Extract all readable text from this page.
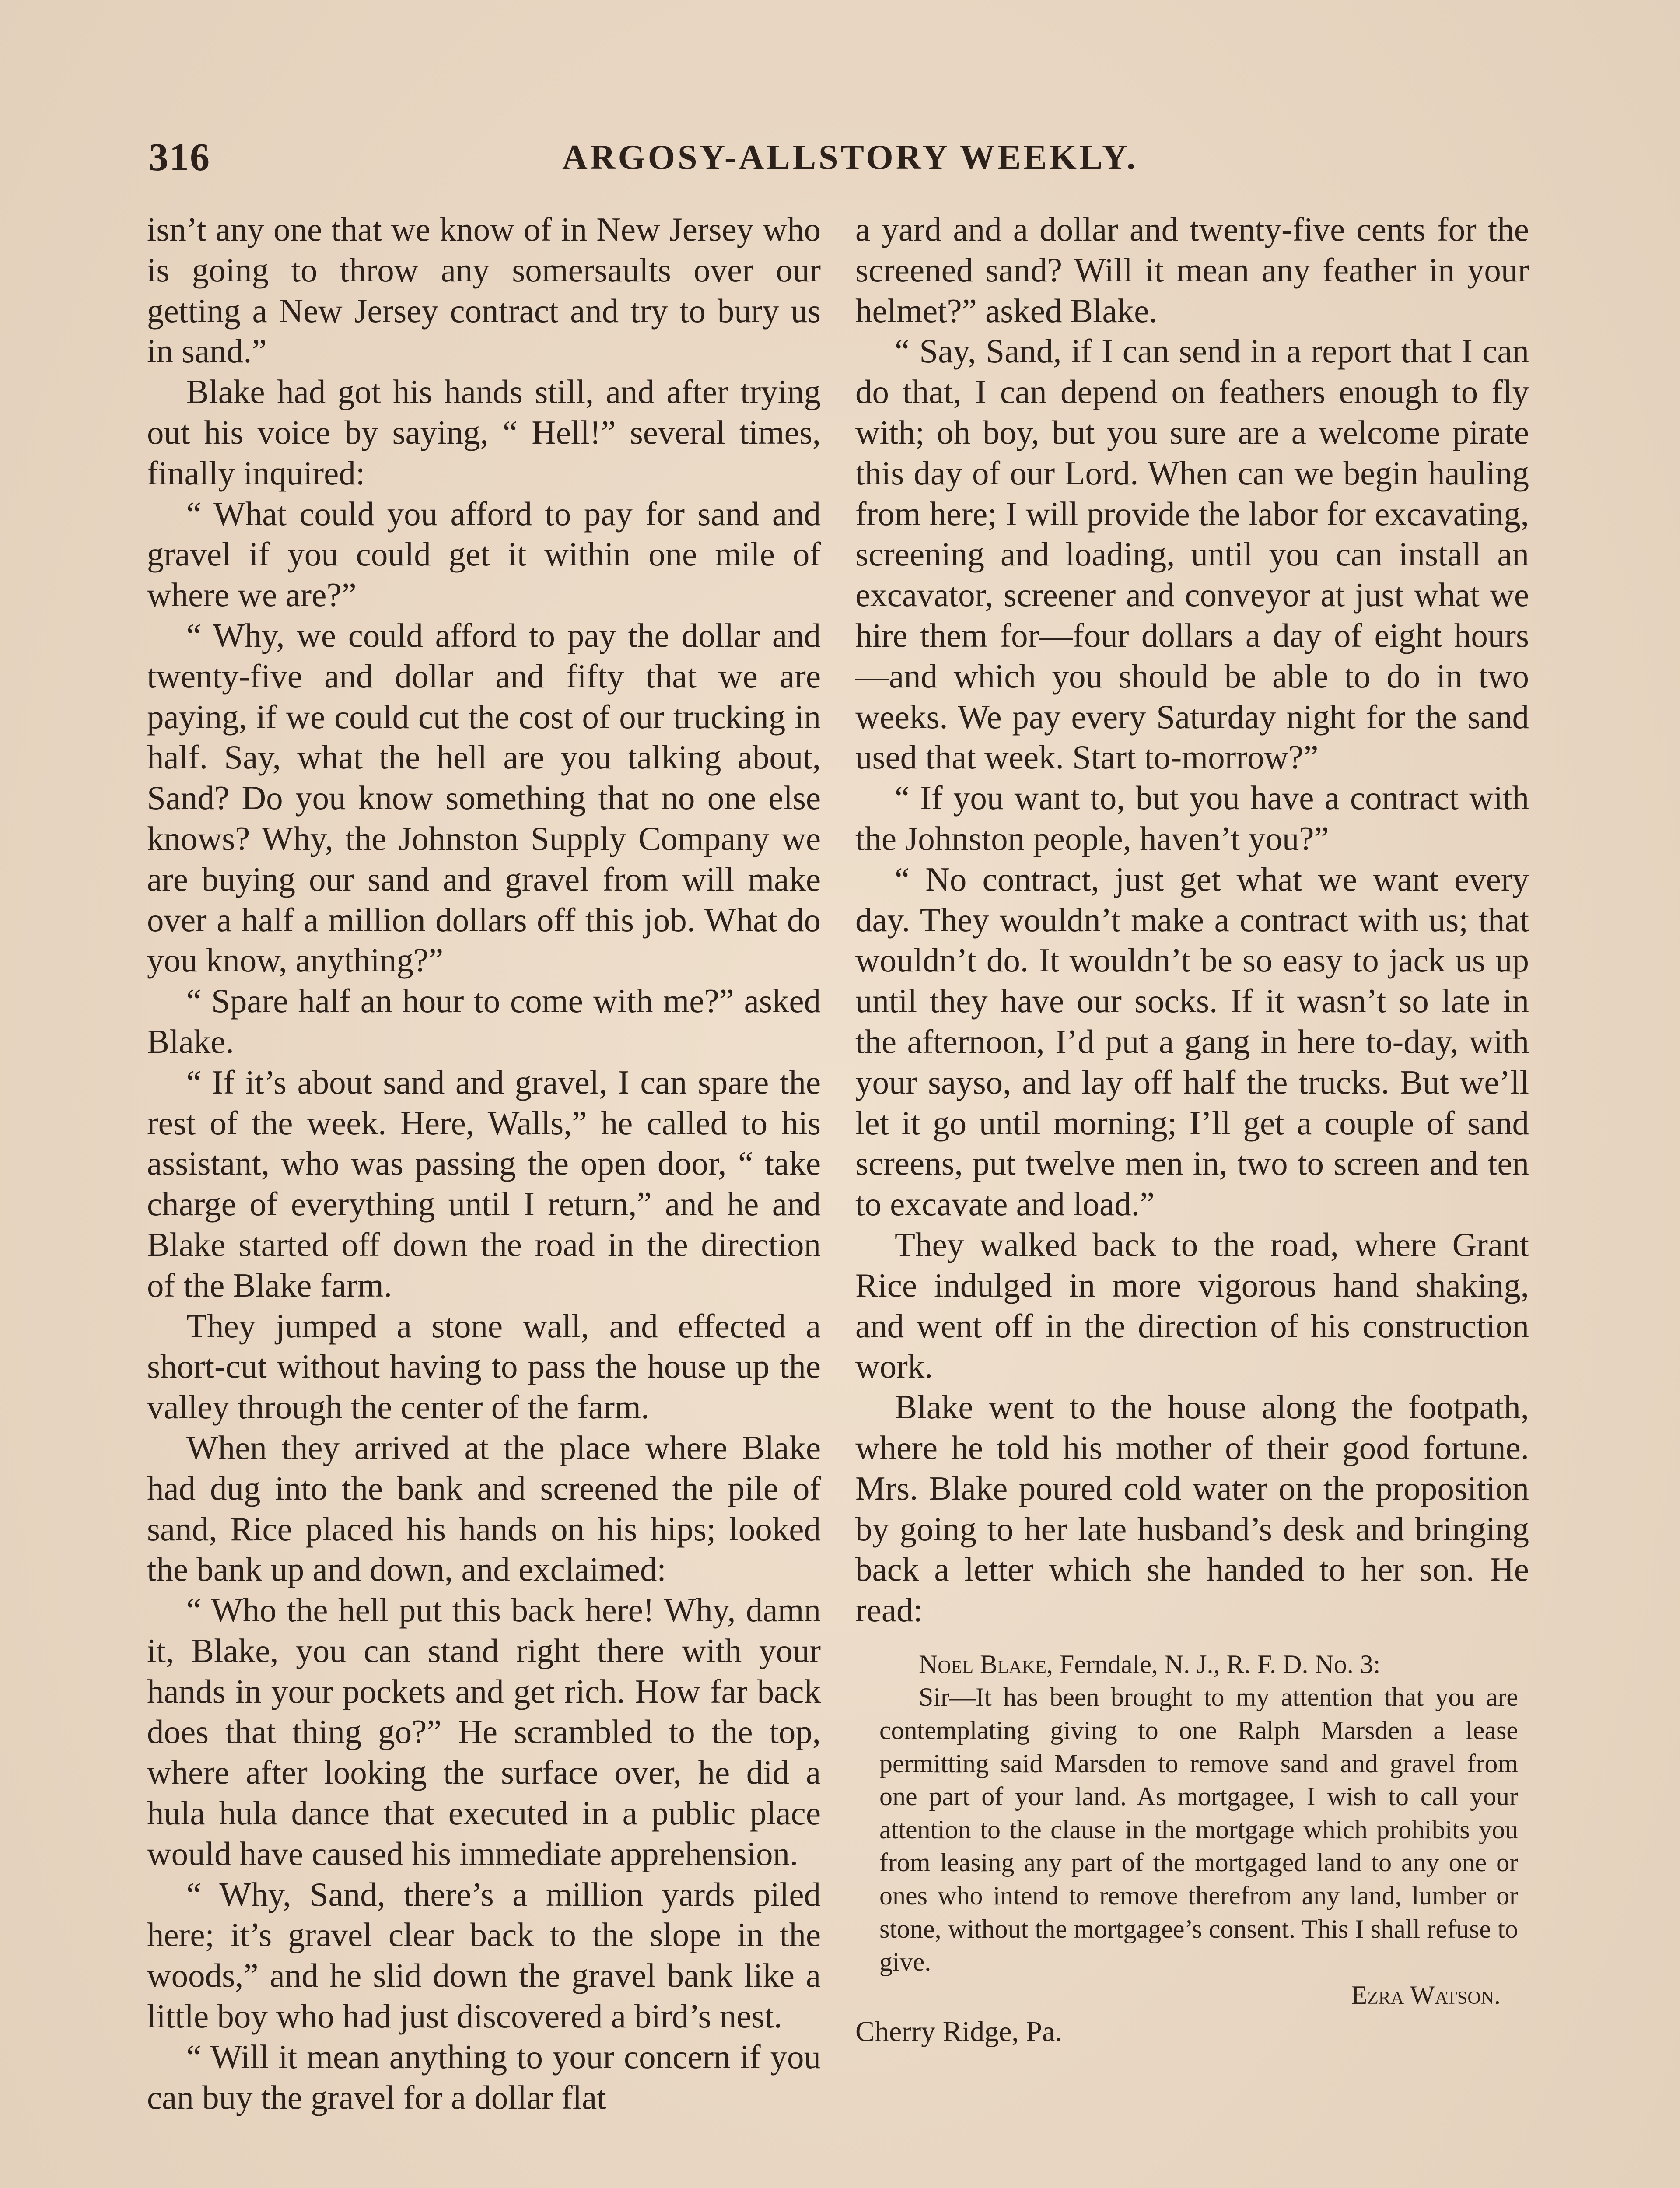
316	ARGOSY-ALLSTORY WEEKLY.

isn’t any one that we know of in New Jersey who is going to throw any somersaults over our getting a New Jersey contract and try to bury us in sand.”

Blake had got his hands still, and after trying out his voice by saying, “ Hell!” several times, finally inquired:

“ What could you afford to pay for sand and gravel if you could get it within one mile of where we are?”

“ Why, we could afford to pay the dollar and twenty-five and dollar and fifty that we are paying, if we could cut the cost of our trucking in half. Say, what the hell are you talking about, Sand? Do you know something that no one else knows? Why, the Johnston Supply Company we are buying our sand and gravel from will make over a half a million dollars off this job. What do you know, anything?”

“ Spare half an hour to come with me?” asked Blake.

“ If it’s about sand and gravel, I can spare the rest of the week. Here, Walls,” he called to his assistant, who was passing the open door, “ take charge of everything until I return,” and he and Blake started off down the road in the direction of the Blake farm.

They jumped a stone wall, and effected a short-cut without having to pass the house up the valley through the center of the farm.

When they arrived at the place where Blake had dug into the bank and screened the pile of sand, Rice placed his hands on his hips; looked the bank up and down, and exclaimed:

“ Who the hell put this back here! Why, damn it, Blake, you can stand right there with your hands in your pockets and get rich. How far back does that thing go?” He scrambled to the top, where after looking the surface over, he did a hula hula dance that executed in a public place would have caused his immediate apprehension.

“ Why, Sand, there’s a million yards piled here; it’s gravel clear back to the slope in the woods,” and he slid down the gravel bank like a little boy who had just discovered a bird’s nest.

“ Will it mean anything to your concern if you can buy the gravel for a dollar flat

a yard and a dollar and twenty-five cents for the screened sand? Will it mean any feather in your helmet?” asked Blake.

“ Say, Sand, if I can send in a report that I can do that, I can depend on feathers enough to fly with; oh boy, but you sure are a welcome pirate this day of our Lord. When can we begin hauling from here; I will provide the labor for excavating, screening and loading, until you can install an excavator, screener and conveyor at just what we hire them for—four dollars a day of eight hours—and which you should be able to do in two weeks. We pay every Saturday night for the sand used that week. Start to-morrow?”

“ If you want to, but you have a contract with the Johnston people, haven’t you?”

“ No contract, just get what we want every day. They wouldn’t make a contract with us; that wouldn’t do. It wouldn’t be so easy to jack us up until they have our socks. If it wasn’t so late in the afternoon, I’d put a gang in here to-day, with your sayso, and lay off half the trucks. But we’ll let it go until morning; I’ll get a couple of sand screens, put twelve men in, two to screen and ten to excavate and load.”

They walked back to the road, where Grant Rice indulged in more vigorous hand shaking, and went off in the direction of his construction work.

Blake went to the house along the footpath, where he told his mother of their good fortune. Mrs. Blake poured cold water on the proposition by going to her late husband’s desk and bringing back a letter which she handed to her son. He read:

Noel Blake, Ferndale, N. J., R. F. D. No. 3:

Sir—It has been brought to my attention that you are contemplating giving to one Ralph Marsden a lease permitting said Marsden to remove sand and gravel from one part of your land. As mortgagee, I wish to call your attention to the clause in the mortgage which prohibits you from leasing any part of the mortgaged land to any one or ones who intend to remove therefrom any land, lumber or stone, without the mortgagee’s consent. This I shall refuse to give.

Ezra Watson.

Cherry Ridge, Pa.
